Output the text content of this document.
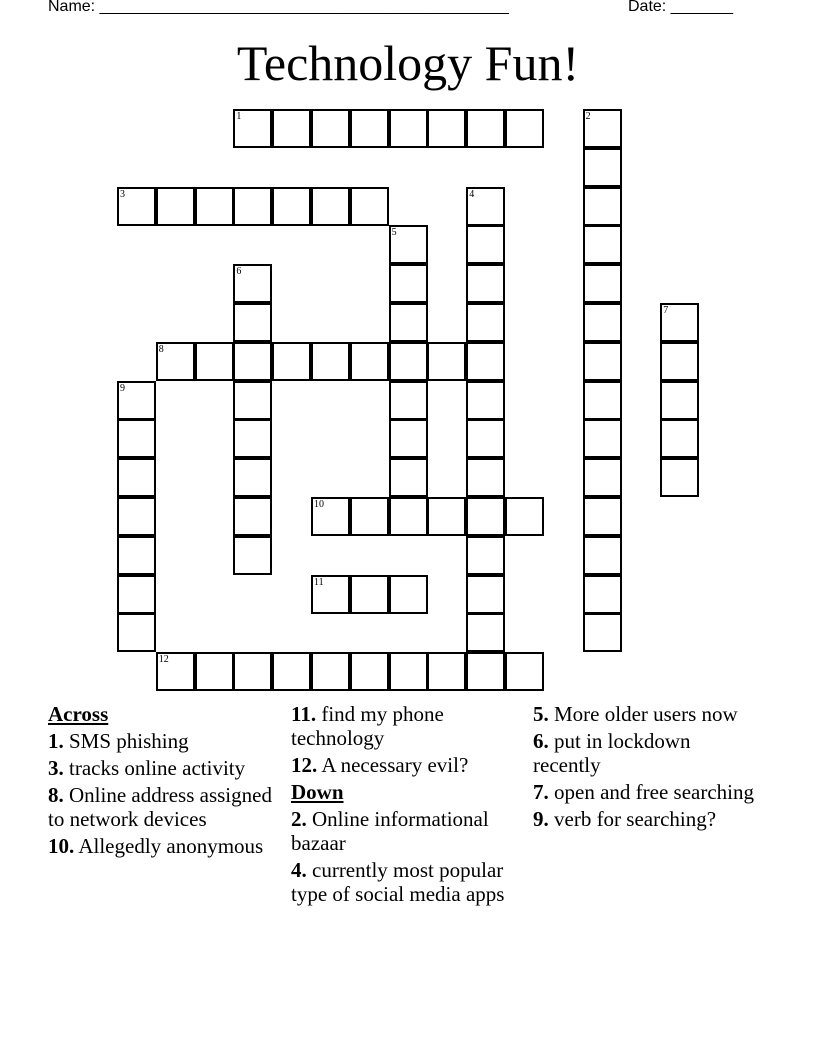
Name: ______________________________________________	Date: _______
Technology Fun!
1	2
3	4
5
6
7
8
9
10
11
12
Across
1. SMS phishing
3. tracks online activity
8. Online address assigned to network devices
10. Allegedly anonymous
11. find my phone technology
12. A necessary evil?
Down
2. Online informational bazaar
4. currently most popular type of social media apps
5. More older users now
6. put in lockdown recently
7. open and free searching
9. verb for searching?
